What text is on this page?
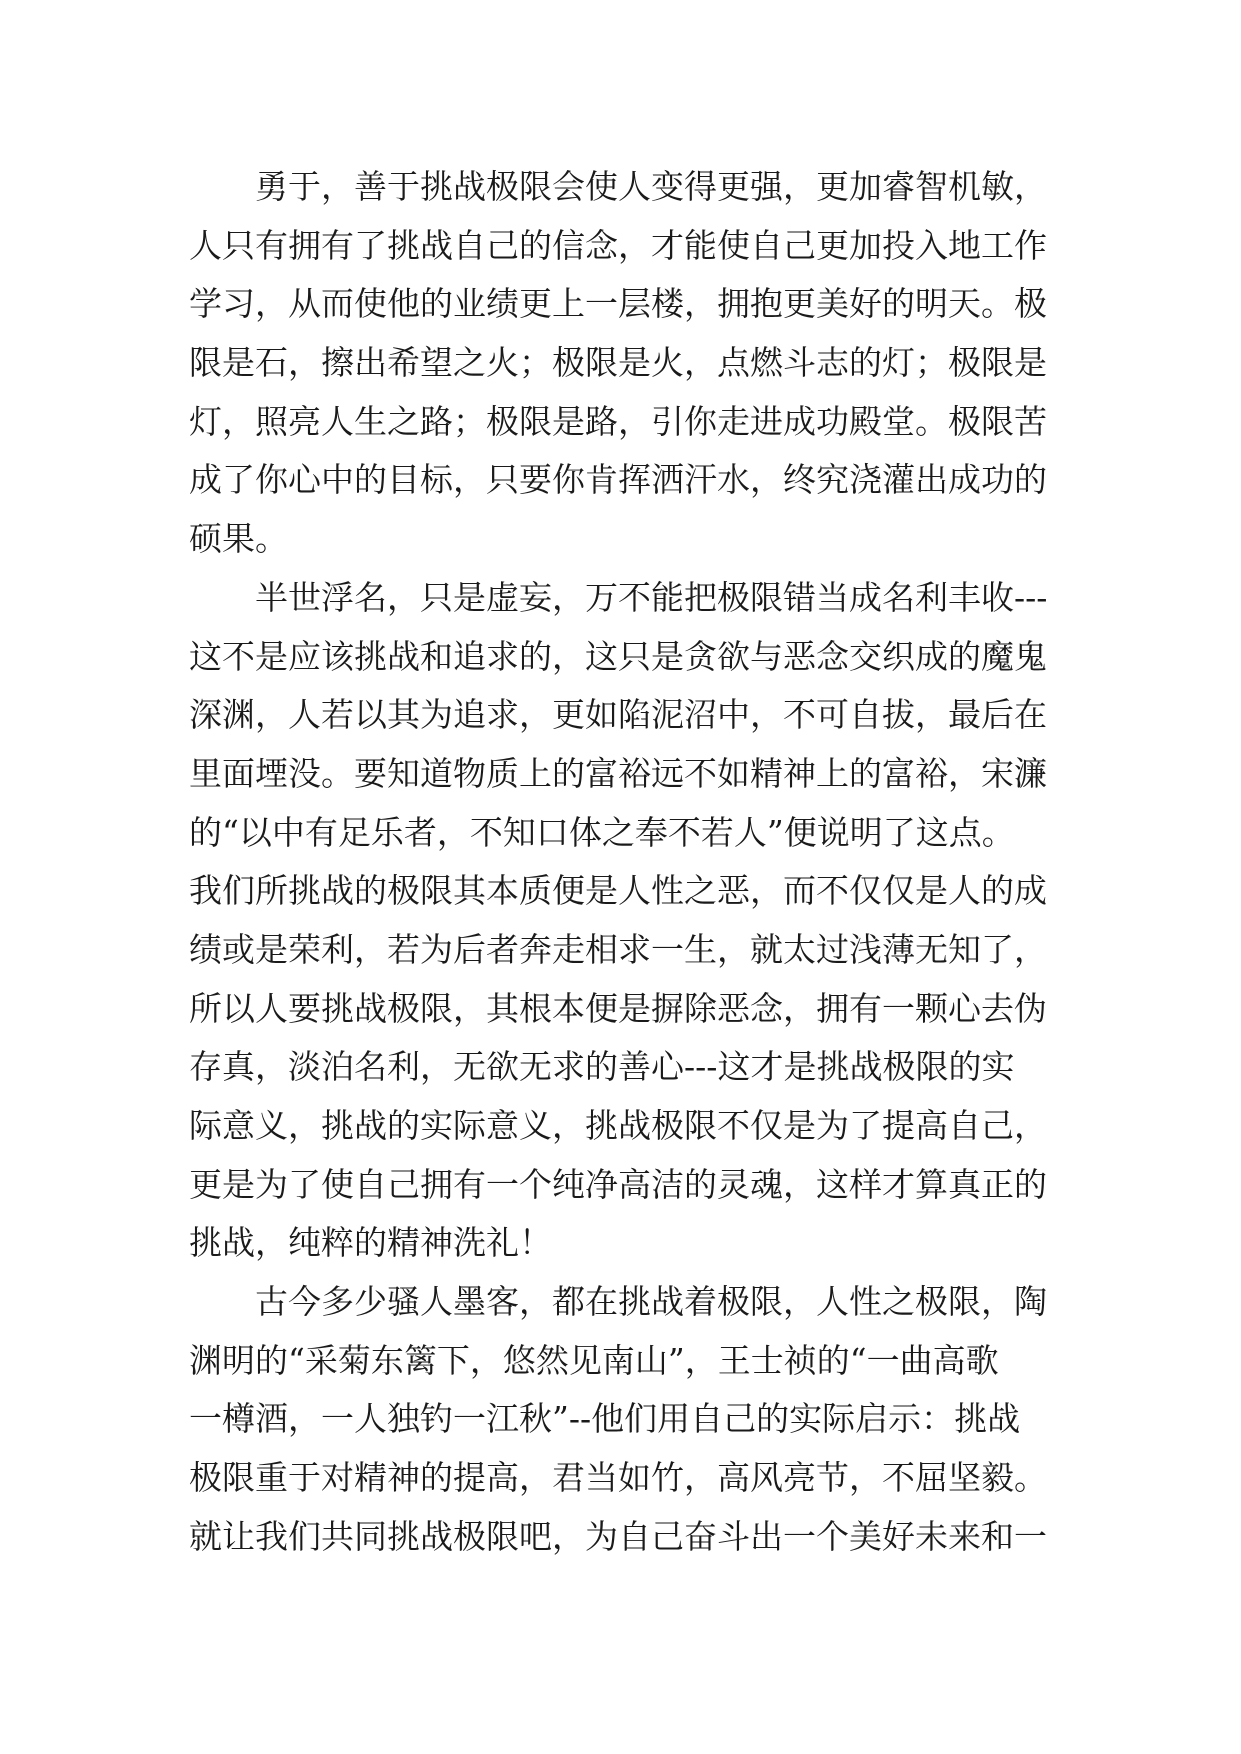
　　勇于，善于挑战极限会使人变得更强，更加睿智机敏，
人只有拥有了挑战自己的信念，才能使自己更加投入地工作
学习，从而使他的业绩更上一层楼，拥抱更美好的明天。极
限是石，擦出希望之火；极限是火，点燃斗志的灯；极限是
灯，照亮人生之路；极限是路，引你走进成功殿堂。极限苦
成了你心中的目标，只要你肯挥洒汗水，终究浇灌出成功的
硕果。
　　半世浮名，只是虚妄，万不能把极限错当成名利丰收---
这不是应该挑战和追求的，这只是贪欲与恶念交织成的魔鬼
深渊，人若以其为追求，更如陷泥沼中，不可自拔，最后在
里面堙没。要知道物质上的富裕远不如精神上的富裕，宋濂
的“以中有足乐者，不知口体之奉不若人”便说明了这点。
我们所挑战的极限其本质便是人性之恶，而不仅仅是人的成
绩或是荣利，若为后者奔走相求一生，就太过浅薄无知了，
所以人要挑战极限，其根本便是摒除恶念，拥有一颗心去伪
存真，淡泊名利，无欲无求的善心---这才是挑战极限的实
际意义，挑战的实际意义，挑战极限不仅是为了提高自己，
更是为了使自己拥有一个纯净高洁的灵魂，这样才算真正的
挑战，纯粹的精神洗礼！
　　古今多少骚人墨客，都在挑战着极限，人性之极限，陶
渊明的“采菊东篱下，悠然见南山”，王士祯的“一曲高歌
一樽酒，一人独钓一江秋”--他们用自己的实际启示：挑战
极限重于对精神的提高，君当如竹，高风亮节，不屈坚毅。
就让我们共同挑战极限吧，为自己奋斗出一个美好未来和一
